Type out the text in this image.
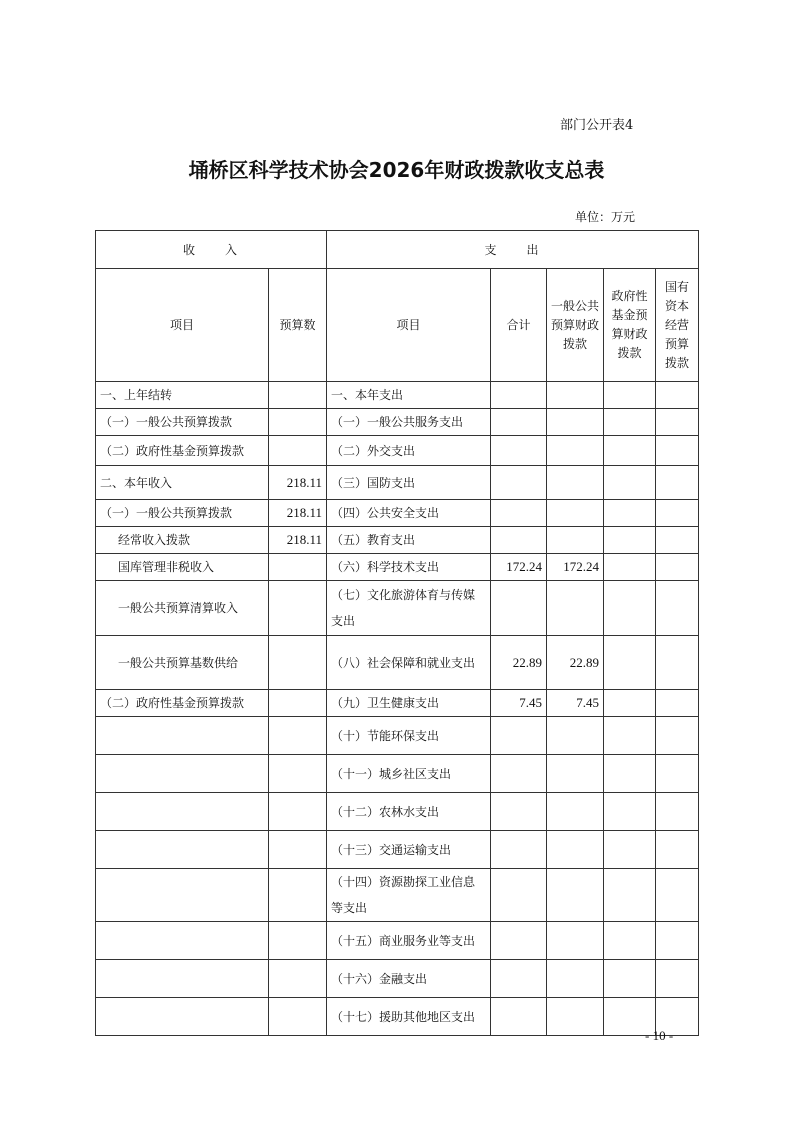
部门公开表4
埇桥区科学技术协会2026年财政拨款收支总表
单位：万元
收　　入		支　　出				
项目	预算数	项目	合计	一般公共预算财政拨款	政府性基金预算财政拨款	国有资本经营预算拨款
一、上年结转		一、本年支出				
（一）一般公共预算拨款		（一）一般公共服务支出				
（二）政府性基金预算拨款		（二）外交支出				
二、本年收入	218.11	（三）国防支出				
（一）一般公共预算拨款	218.11	（四）公共安全支出				
经常收入拨款	218.11	（五）教育支出				
国库管理非税收入		（六）科学技术支出	172.24	172.24		
一般公共预算清算收入		（七）文化旅游体育与传媒支出				
一般公共预算基数供给		（八）社会保障和就业支出	22.89	22.89		
（二）政府性基金预算拨款		（九）卫生健康支出	7.45	7.45		
		（十）节能环保支出				
		（十一）城乡社区支出				
		（十二）农林水支出				
		（十三）交通运输支出				
		（十四）资源勘探工业信息等支出				
		（十五）商业服务业等支出				
		（十六）金融支出				
		（十七）援助其他地区支出				
- 10 -
